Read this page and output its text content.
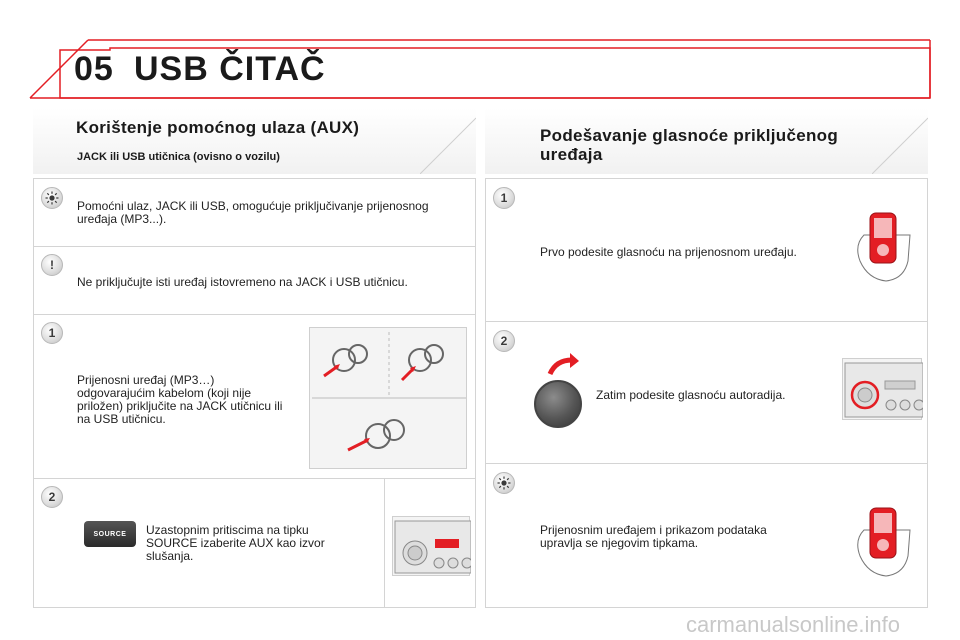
05 USB ČITAČ
Korištenje pomoćnog ulaza (AUX)
JACK ili USB utičnica (ovisno o vozilu)
Pomoćni ulaz, JACK ili USB, omogućuje priključivanje prijenosnog uređaja (MP3...).
!
Ne priključujte isti uređaj istovremeno na JACK i USB utičnicu.
1
Prijenosni uređaj (MP3…) odgovarajućim kabelom (koji nije priložen) priključite na JACK utičnicu ili na USB utičnicu.
2
SOURCE	Uzastopnim pritiscima na tipku SOURCE izaberite AUX kao izvor slušanja.
Podešavanje glasnoće priključenog
uređaja
1
Prvo podesite glasnoću na prijenosnom uređaju.
2
Zatim podesite glasnoću autoradija.
Prijenosnim uređajem i prikazom podataka upravlja se njegovim tipkama.
carmanualsonline.info
